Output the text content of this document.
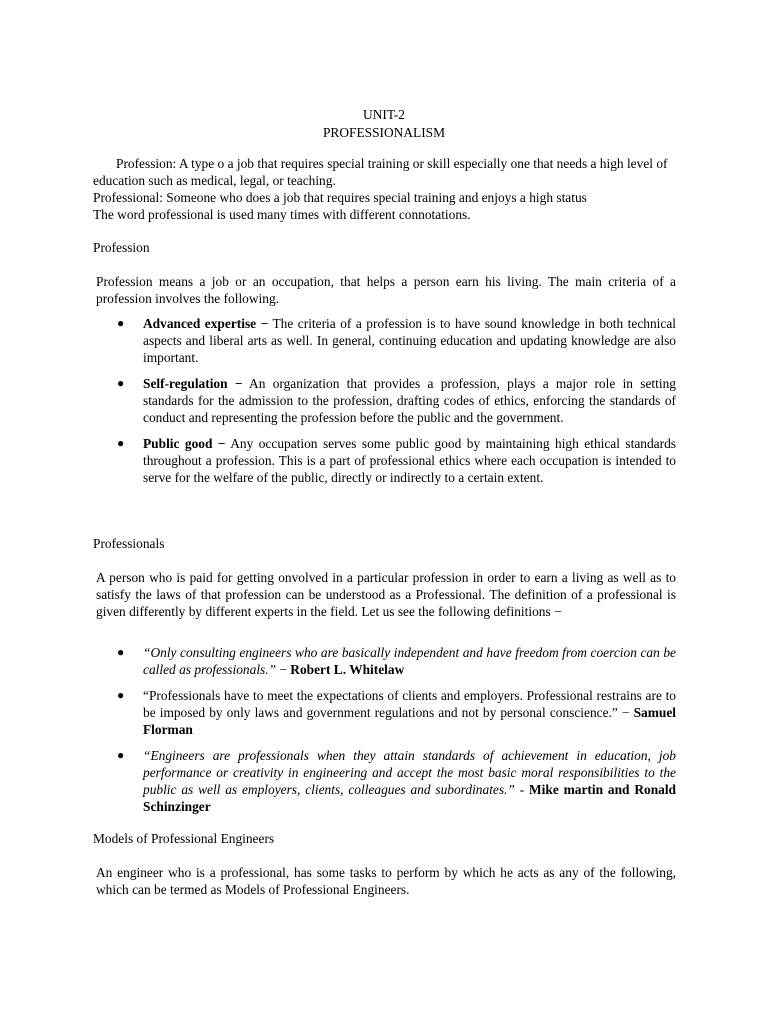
UNIT-2
PROFESSIONALISM

Profession: A type o a job that requires special training or skill especially one that needs a high level of education such as medical, legal, or teaching.

Professional: Someone who does a job that requires special training and enjoys a high status

The word professional is used many times with different connotations.

Profession

Profession means a job or an occupation, that helps a person earn his living. The main criteria of a profession involves the following.

● Advanced expertise − The criteria of a profession is to have sound knowledge in both technical aspects and liberal arts as well. In general, continuing education and updating knowledge are also important.
● Self-regulation − An organization that provides a profession, plays a major role in setting standards for the admission to the profession, drafting codes of ethics, enforcing the standards of conduct and representing the profession before the public and the government.
● Public good − Any occupation serves some public good by maintaining high ethical standards throughout a profession. This is a part of professional ethics where each occupation is intended to serve for the welfare of the public, directly or indirectly to a certain extent.

Professionals

A person who is paid for getting onvolved in a particular profession in order to earn a living as well as to satisfy the laws of that profession can be understood as a Professional. The definition of a professional is given differently by different experts in the field. Let us see the following definitions −

● “Only consulting engineers who are basically independent and have freedom from coercion can be called as professionals.” − Robert L. Whitelaw
● “Professionals have to meet the expectations of clients and employers. Professional restrains are to be imposed by only laws and government regulations and not by personal conscience.” − Samuel Florman
● “Engineers are professionals when they attain standards of achievement in education, job performance or creativity in engineering and accept the most basic moral responsibilities to the public as well as employers, clients, colleagues and subordinates.” - Mike martin and Ronald Schinzinger

Models of Professional Engineers

An engineer who is a professional, has some tasks to perform by which he acts as any of the following, which can be termed as Models of Professional Engineers.
